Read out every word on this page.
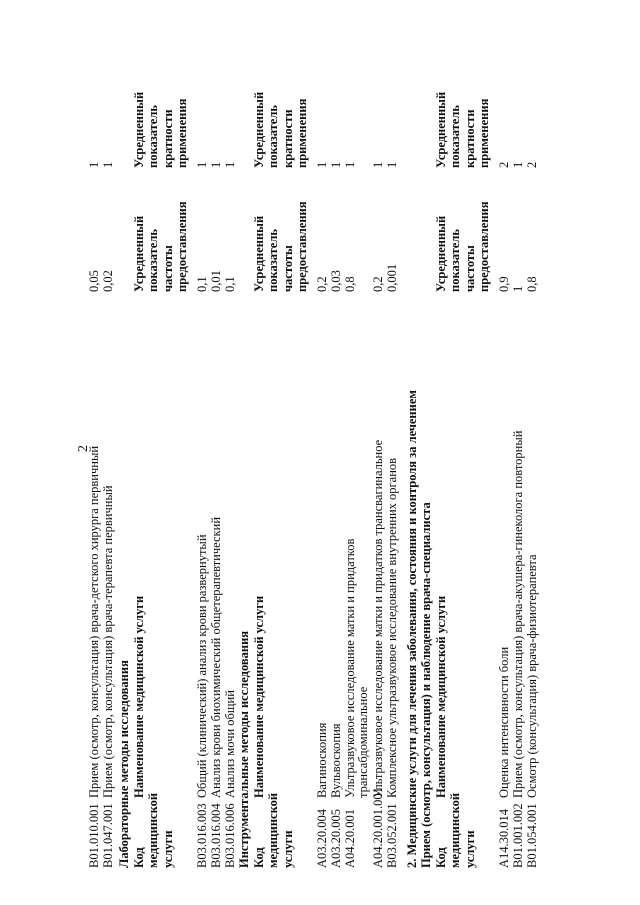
2
B01.010.001
Прием (осмотр, консультация) врача-детского хирурга первичный
0,05
1
B01.047.001
Прием (осмотр, консультация) врача-терапевта первичный
0,02
1
Лабораторные методы исследования Код медицинской услуги
Наименование медицинской услуги
Усредненный показатель частоты предоставления
Усредненный показатель кратности применения
B03.016.003
Общий (клинический) анализ крови развернутый
0,1
1
B03.016.004
Анализ крови биохимический общетерапевтический
0,01
1
B03.016.006
Анализ мочи общий
0,1
1
Инструментальные методы исследования Код медицинской услуги
Наименование медицинской услуги
Усредненный показатель частоты предоставления
Усредненный показатель кратности применения
A03.20.004
Вагиноскопия
0,2
1
A03.20.005
Вульвоскопия
0,03
1
A04.20.001
Ультразвуковое исследование матки и придатков трансабдоминальное
0,8
1
A04.20.001.001
Ультразвуковое исследование матки и придатков трансвагинальное
0,2
1
B03.052.001
Комплексное ультразвуковое исследование внутренних органов
0,001
1
2. Медицинские услуги для лечения заболевания, состояния и контроля за лечением Прием (осмотр, консультация) и наблюдение врача-специалиста Код медицинской услуги
Наименование медицинской услуги
Усредненный показатель частоты предоставления
Усредненный показатель кратности применения
A14.30.014
Оценка интенсивности боли
0,9
2
B01.001.002
Прием (осмотр, консультация) врача-акушера-гинеколога повторный
1
1
B01.054.001
Осмотр (консультация) врача-физиотерапевта
0,8
2
